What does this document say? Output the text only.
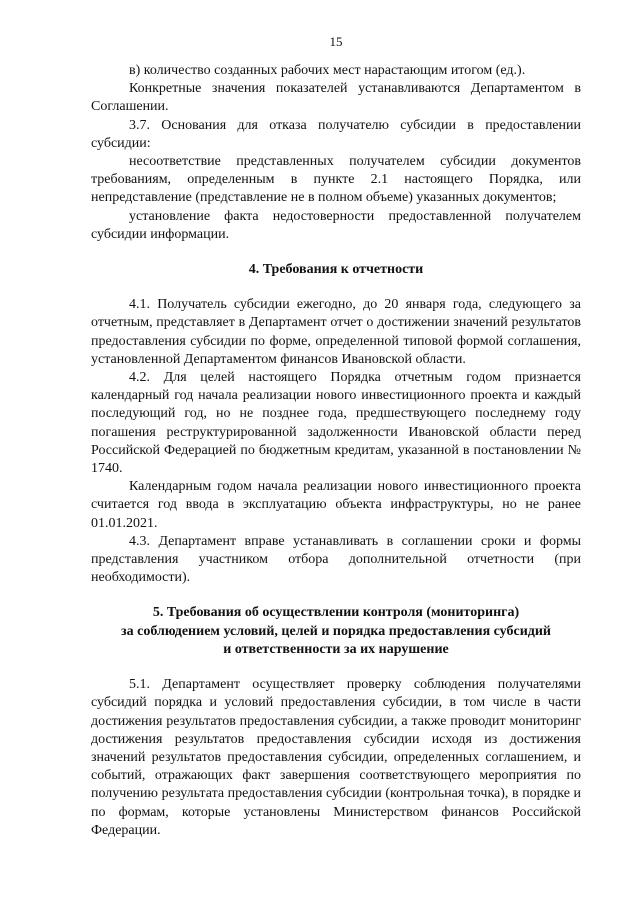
15

в) количество созданных рабочих мест нарастающим итогом (ед.).

Конкретные значения показателей устанавливаются Департаментом в Соглашении.

3.7. Основания для отказа получателю субсидии в предоставлении субсидии:

несоответствие представленных получателем субсидии документов требованиям, определенным в пункте 2.1 настоящего Порядка, или непредставление (представление не в полном объеме) указанных документов;

установление факта недостоверности предоставленной получателем субсидии информации.

4. Требования к отчетности

4.1. Получатель субсидии ежегодно, до 20 января года, следующего за отчетным, представляет в Департамент отчет о достижении значений результатов предоставления субсидии по форме, определенной типовой формой соглашения, установленной Департаментом финансов Ивановской области.

4.2. Для целей настоящего Порядка отчетным годом признается календарный год начала реализации нового инвестиционного проекта и каждый последующий год, но не позднее года, предшествующего последнему году погашения реструктурированной задолженности Ивановской области перед Российской Федерацией по бюджетным кредитам, указанной в постановлении № 1740.

Календарным годом начала реализации нового инвестиционного проекта считается год ввода в эксплуатацию объекта инфраструктуры, но не ранее 01.01.2021.

4.3. Департамент вправе устанавливать в соглашении сроки и формы представления участником отбора дополнительной отчетности (при необходимости).

5. Требования об осуществлении контроля (мониторинга)
за соблюдением условий, целей и порядка предоставления субсидий
и ответственности за их нарушение

5.1. Департамент осуществляет проверку соблюдения получателями субсидий порядка и условий предоставления субсидии, в том числе в части достижения результатов предоставления субсидии, а также проводит мониторинг достижения результатов предоставления субсидии исходя из достижения значений результатов предоставления субсидии, определенных соглашением, и событий, отражающих факт завершения соответствующего мероприятия по получению результата предоставления субсидии (контрольная точка), в порядке и по формам, которые установлены Министерством финансов Российской Федерации.
